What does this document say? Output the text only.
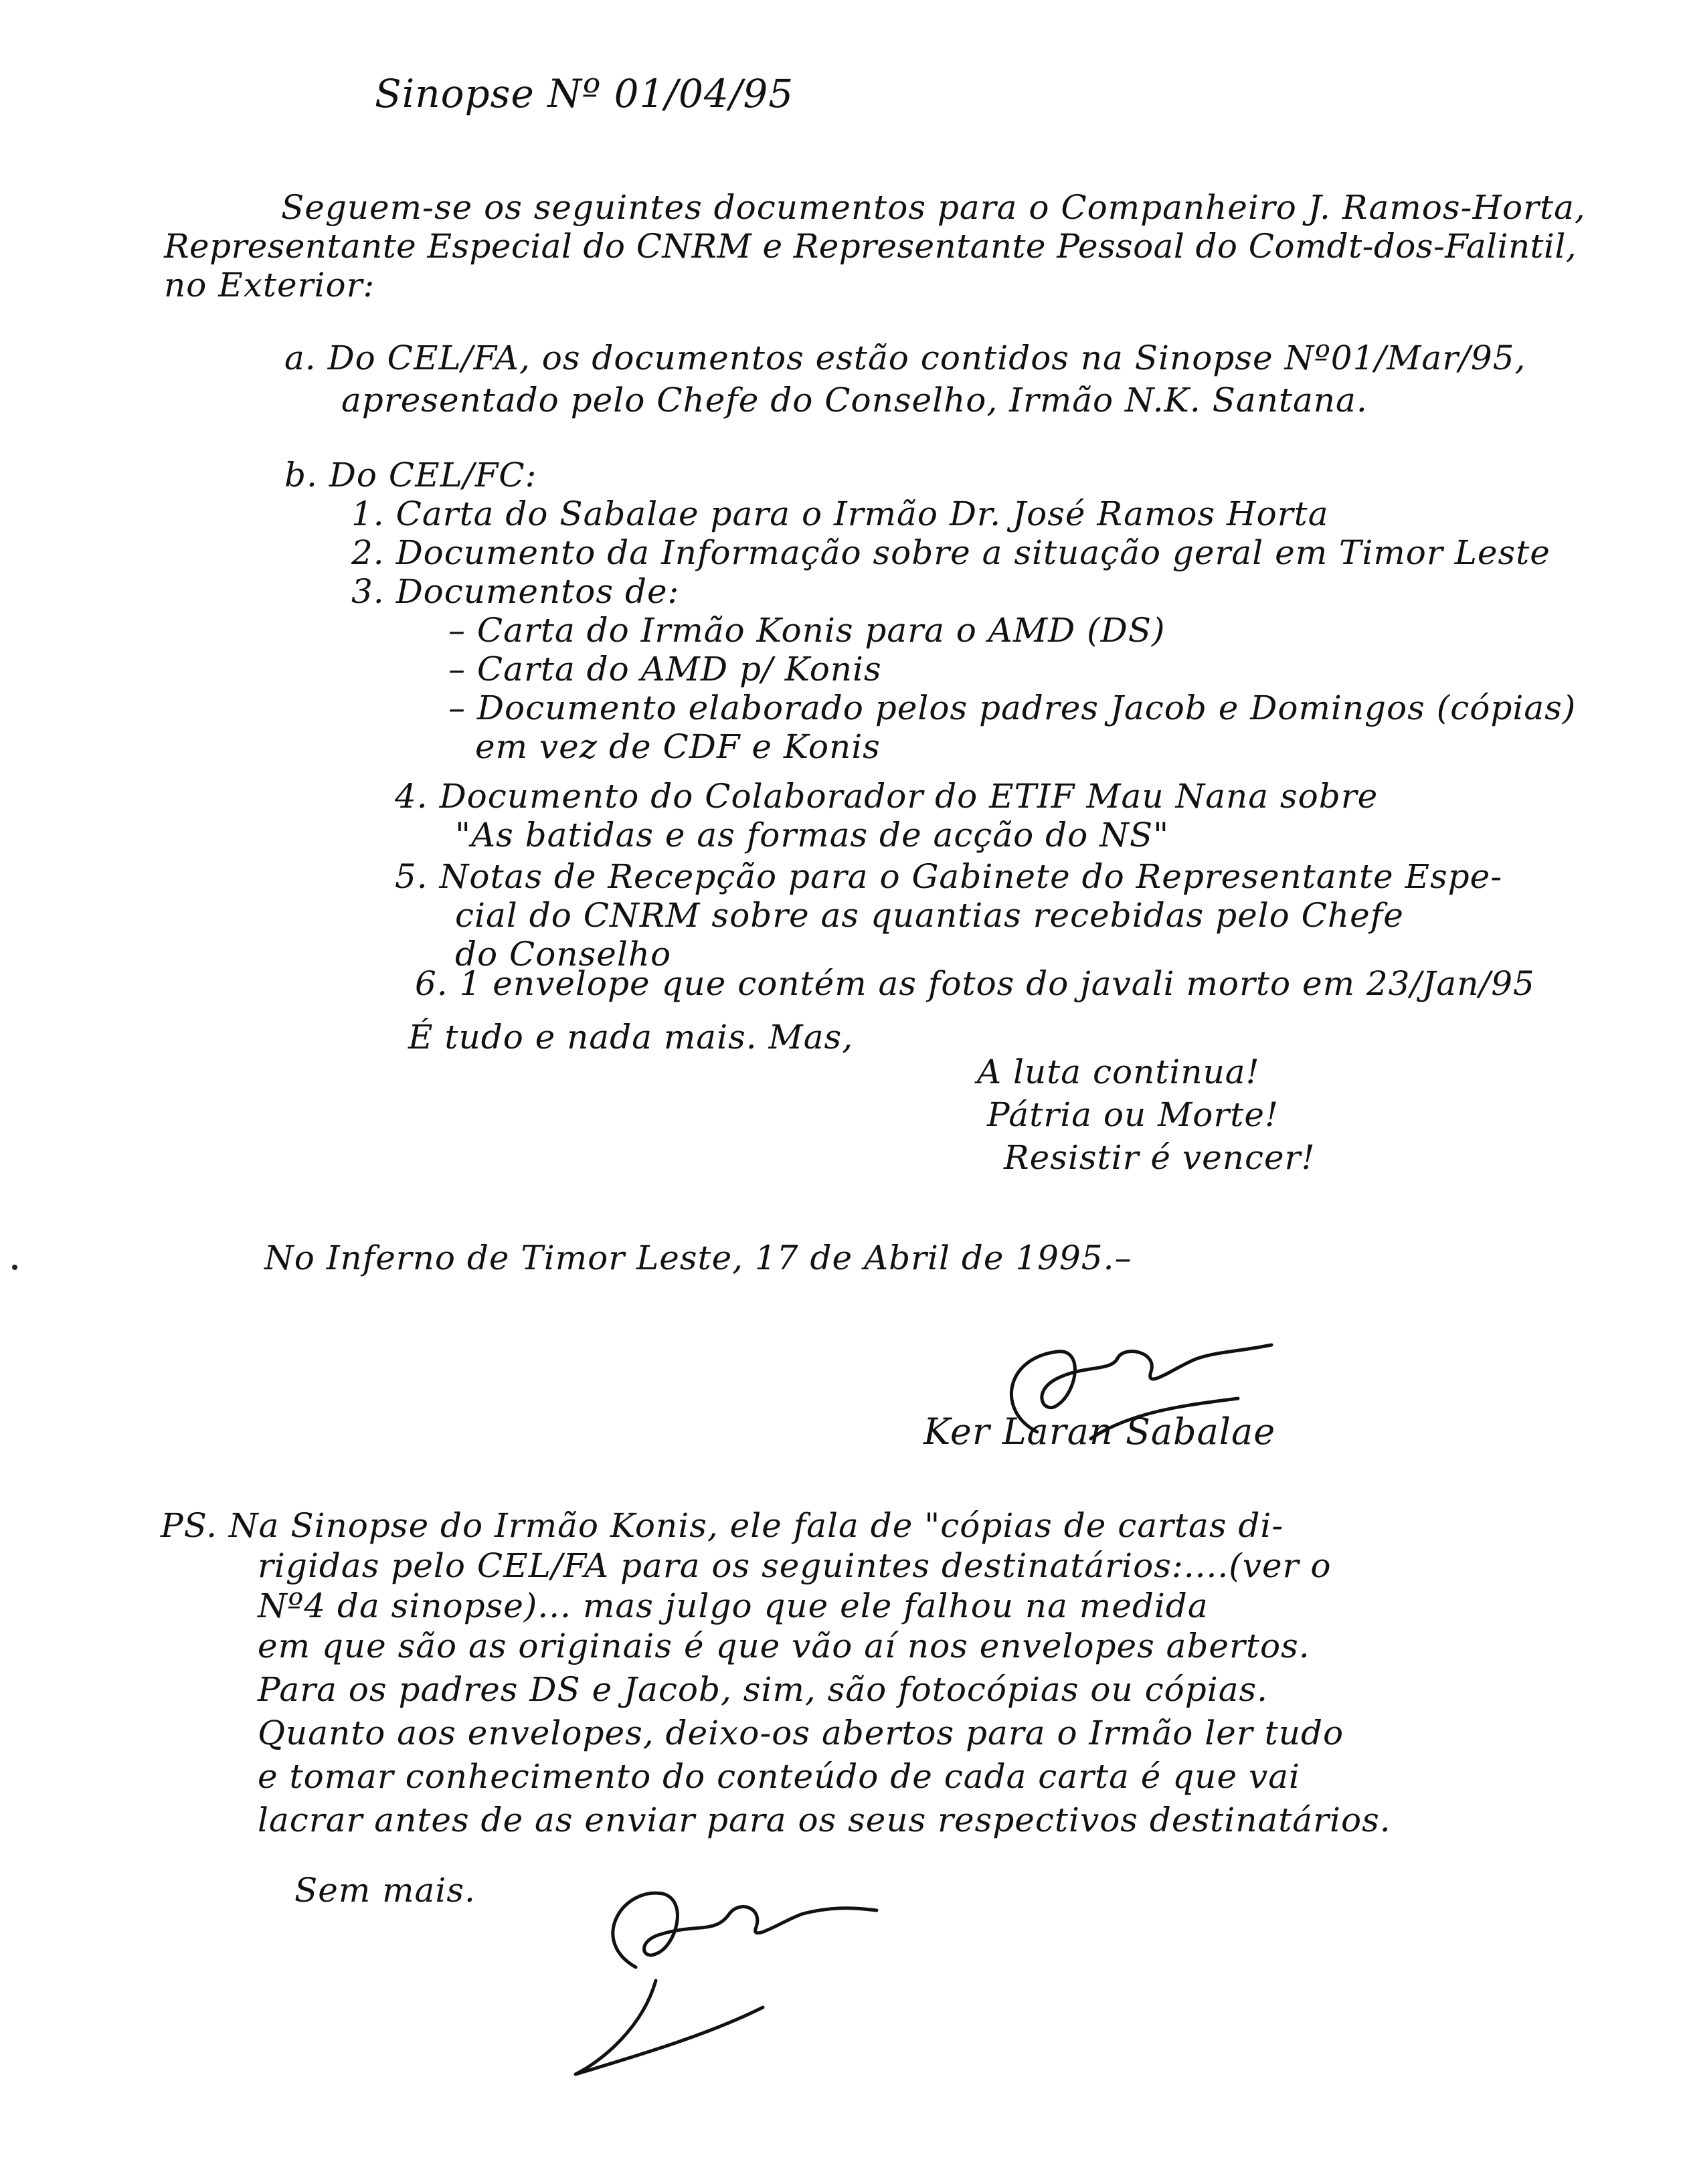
Sinopse Nº 01/04/95
Seguem-se os seguintes documentos para o Companheiro J. Ramos-Horta,
Representante Especial do CNRM e Representante Pessoal do Comdt-dos-Falintil,
no Exterior:
a. Do CEL/FA, os documentos estão contidos na Sinopse Nº01/Mar/95,
apresentado pelo Chefe do Conselho, Irmão N.K. Santana.
b. Do CEL/FC:
1. Carta do Sabalae para o Irmão Dr. José Ramos Horta
2. Documento da Informação sobre a situação geral em Timor Leste
3. Documentos de:
– Carta do Irmão Konis para o AMD (DS)
– Carta do AMD p/ Konis
– Documento elaborado pelos padres Jacob e Domingos (cópias)
em vez de CDF e Konis
4. Documento do Colaborador do ETIF Mau Nana sobre
"As batidas e as formas de acção do NS"
5. Notas de Recepção para o Gabinete do Representante Espe-
cial do CNRM sobre as quantias recebidas pelo Chefe
do Conselho
6. 1 envelope que contém as fotos do javali morto em 23/Jan/95
É tudo e nada mais. Mas,
A luta continua!
Pátria ou Morte!
Resistir é vencer!
No Inferno de Timor Leste, 17 de Abril de 1995.–
Ker Laran Sabalae
PS. Na Sinopse do Irmão Konis, ele fala de "cópias de cartas di-
rigidas pelo CEL/FA para os seguintes destinatários:....(ver o
Nº4 da sinopse)... mas julgo que ele falhou na medida
em que são as originais é que vão aí nos envelopes abertos.
Para os padres DS e Jacob, sim, são fotocópias ou cópias.
Quanto aos envelopes, deixo-os abertos para o Irmão ler tudo
e tomar conhecimento do conteúdo de cada carta é que vai
lacrar antes de as enviar para os seus respectivos destinatários.
Sem mais.
